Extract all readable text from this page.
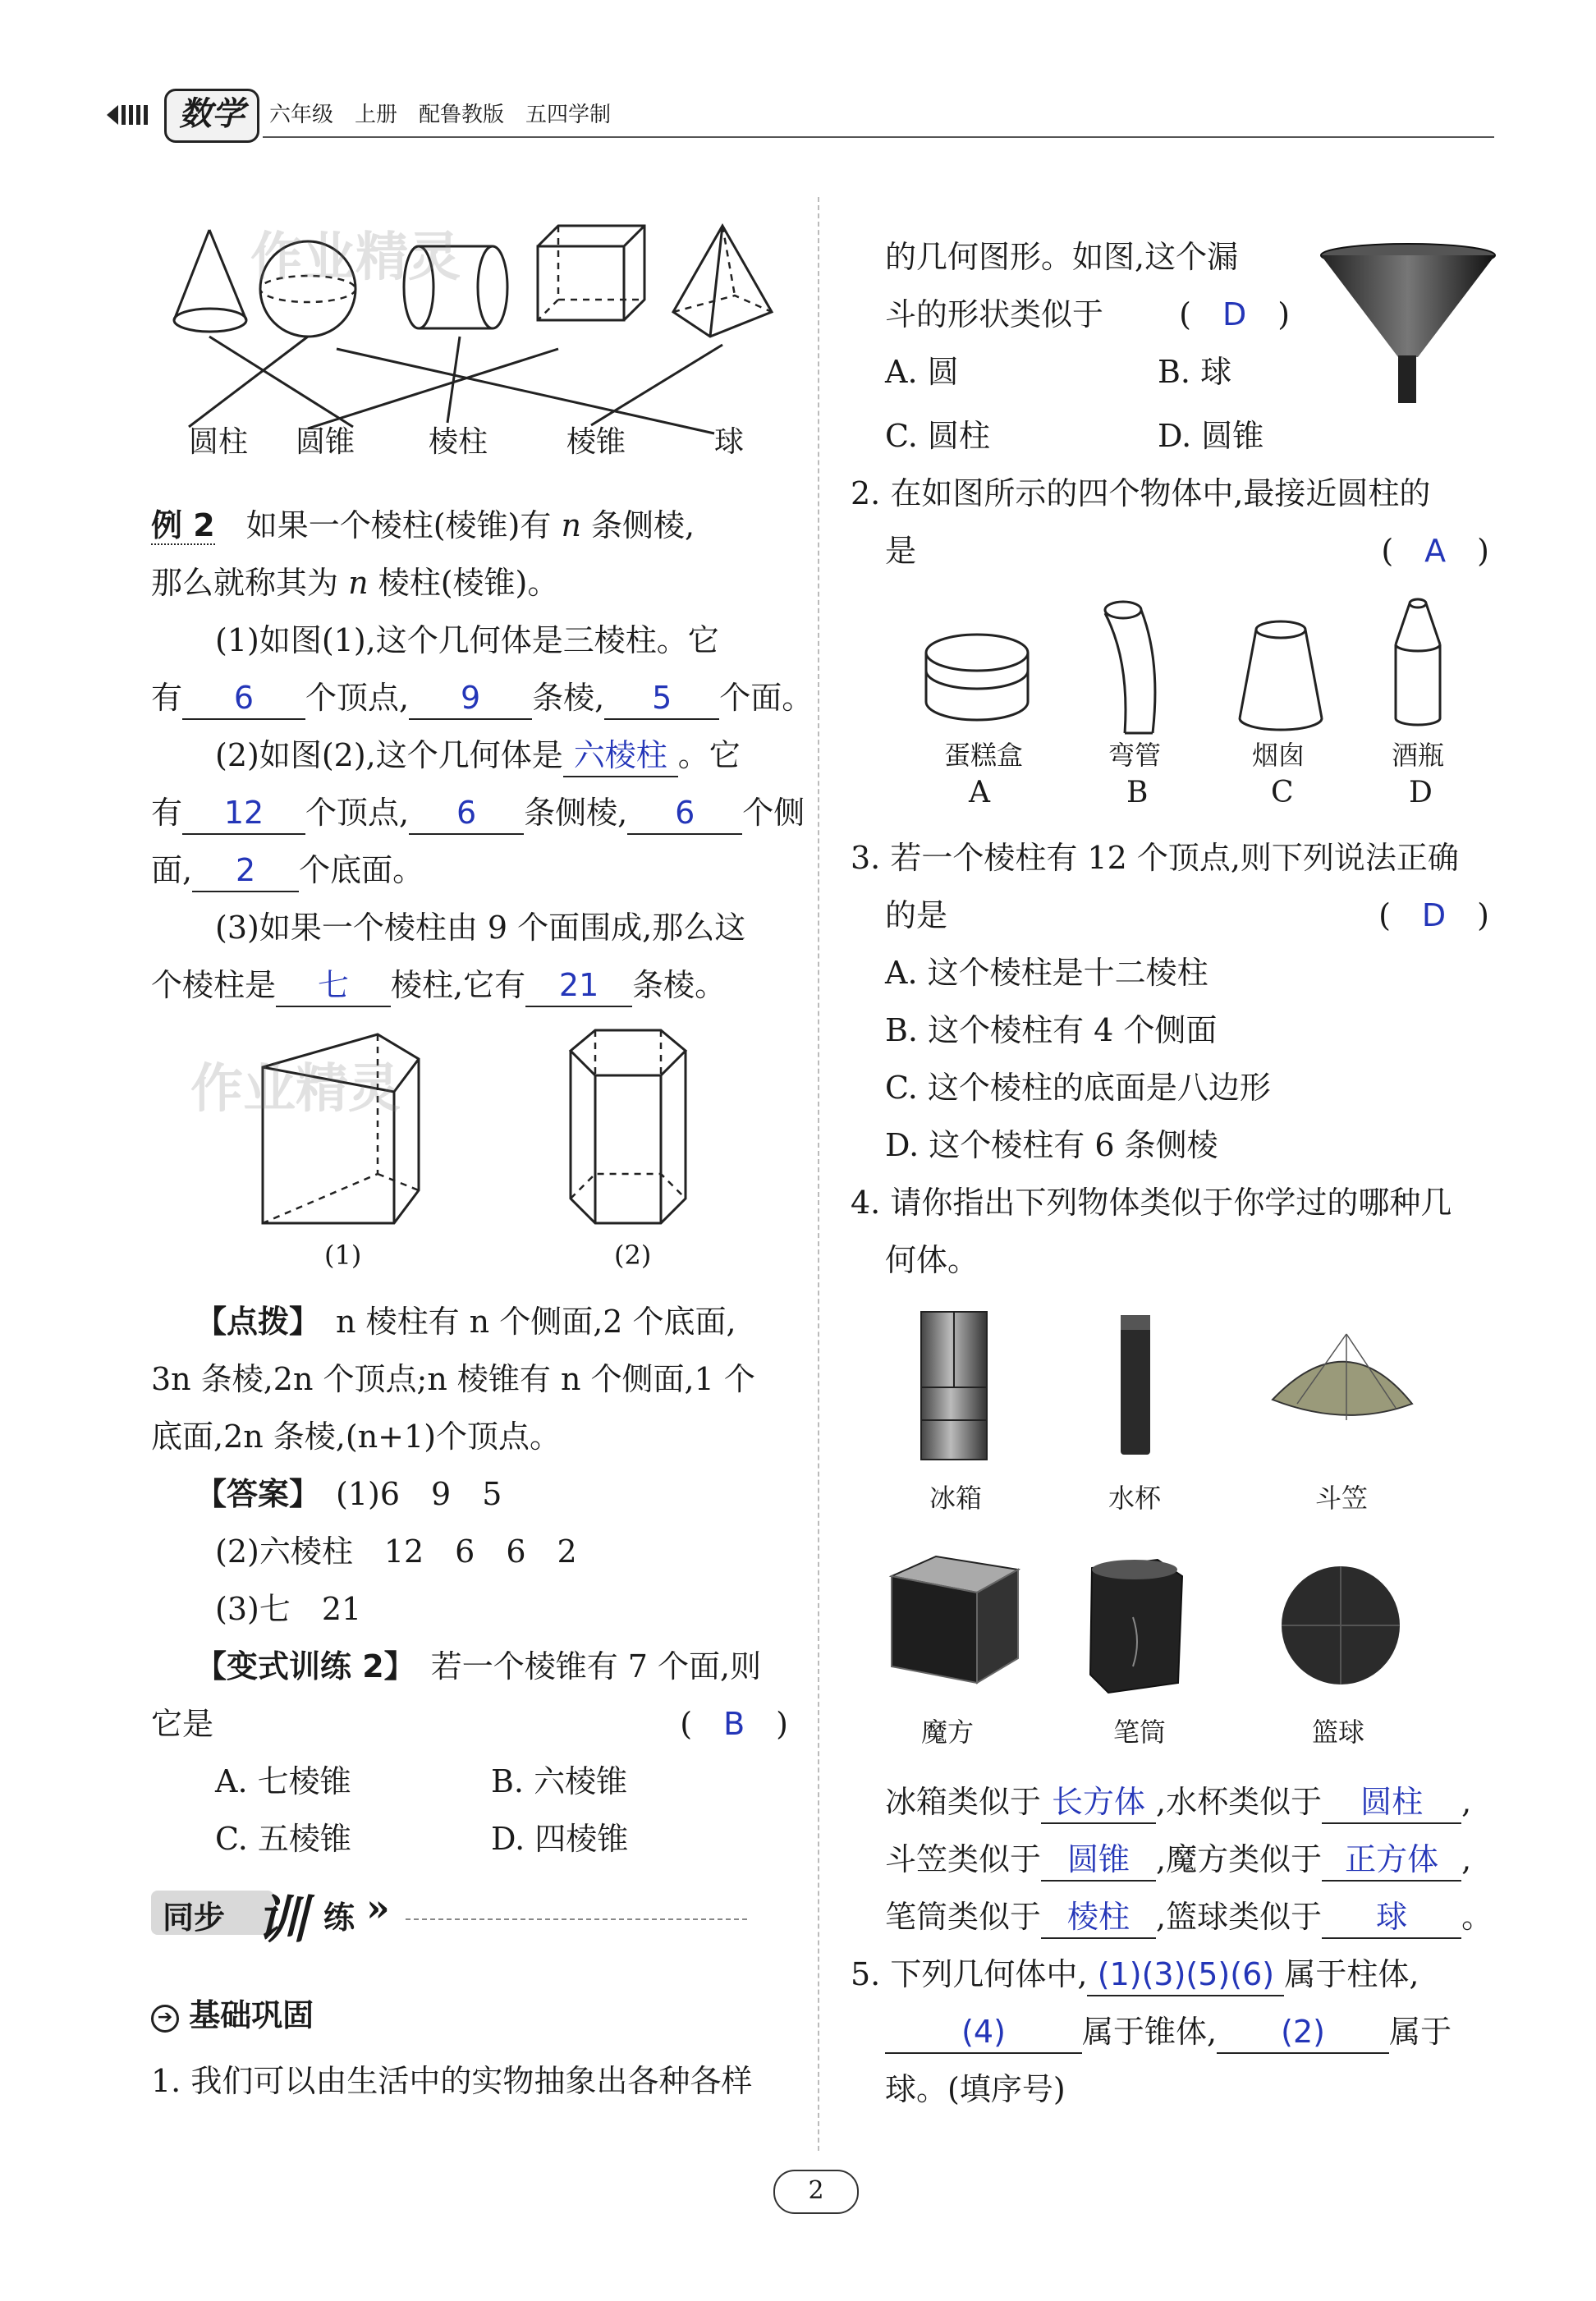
数学	六年级　上册　配鲁教版　五四学制
作业精灵
圆柱 圆锥 棱柱	棱锥	球
例 2　 如果一个棱柱(棱锥)有 n 条侧棱,
那么就称其为 n 棱柱(棱锥)。
(1)如图(1),这个几何体是三棱柱。它
有 6 个顶点, 9 条棱, 5 个面。
(2)如图(2),这个几何体是 六棱柱 。它
有 12 个顶点, 6 条侧棱, 6 个侧
面, 2 个底面。
(3)如果一个棱柱由 9 个面围成,那么这
个棱柱是 七 棱柱,它有 21 条棱。
作业精灵
(1)	(2)
【点拨】　 n 棱柱有 n 个侧面,2 个底面,
3n 条棱,2n 个顶点;n 棱锥有 n 个侧面,1 个
底面,2n 条棱,(n+1)个顶点。
【答案】　 (1)6　9　5
(2)六棱柱　12　6　6　2
(3)七　21
【变式训练 2】　 若一个棱锥有 7 个面,则
它是	(　B　)
A. 七棱锥	B. 六棱锥
C. 五棱锥	D. 四棱锥
同步 训 练 »
➔ 基础巩固
1. 我们可以由生活中的实物抽象出各种各样
的几何图形。如图,这个漏
斗的形状类似于 (　D　)
A. 圆	B. 球
C. 圆柱	D. 圆锥
2. 在如图所示的四个物体中,最接近圆柱的
是	(　A　)
蛋糕盒	弯管	烟囱	酒瓶
A	B	C	D
3. 若一个棱柱有 12 个顶点,则下列说法正确
的是	(　D　)
A. 这个棱柱是十二棱柱
B. 这个棱柱有 4 个侧面
C. 这个棱柱的底面是八边形
D. 这个棱柱有 6 条侧棱
4. 请你指出下列物体类似于你学过的哪种几
何体。
冰箱	水杯	斗笠
魔方	笔筒	篮球
冰箱类似于 长方体 ,水杯类似于 圆柱 ,
斗笠类似于 圆锥 ,魔方类似于 正方体 ,
笔筒类似于 棱柱 ,篮球类似于 球 。
5. 下列几何体中, (1)(3)(5)(6) 属于柱体,
(4) 属于锥体, (2) 属于
球。(填序号)
2
